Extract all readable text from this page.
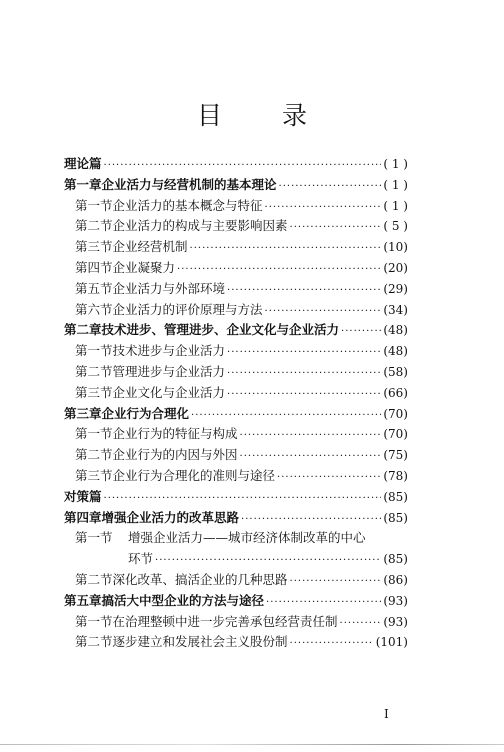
目 录
理论篇 ·····	( 1 )
第一章 企业活力与经营机制的基本理论 ·····	( 1 )
第一节 企业活力的基本概念与特征 ·····	( 1 )
第二节 企业活力的构成与主要影响因素 ·····	( 5 )
第三节 企业经营机制 ·····	(10)
第四节 企业凝聚力 ·····	(20)
第五节 企业活力与外部环境 ·····	(29)
第六节 企业活力的评价原理与方法 ·····	(34)
第二章 技术进步、管理进步、企业文化与企业活力 ·····	(48)
第一节 技术进步与企业活力 ·····	(48)
第二节 管理进步与企业活力 ·····	(58)
第三节 企业文化与企业活力 ·····	(66)
第三章 企业行为合理化 ·····	(70)
第一节 企业行为的特征与构成 ·····	(70)
第二节 企业行为的内因与外因 ·····	(75)
第三节 企业行为合理化的准则与途径 ·····	(78)
对策篇 ·····	(85)
第四章 增强企业活力的改革思路 ·····	(85)
第一节	增强企业活力——城市经济体制改革的中心
环节 ·····	(85)
第二节 深化改革、搞活企业的几种思路 ·····	(86)
第五章 搞活大中型企业的方法与途径 ·····	(93)
第一节 在治理整顿中进一步完善承包经营责任制 ·····	(93)
第二节 逐步建立和发展社会主义股份制 ·····	(101)
I
